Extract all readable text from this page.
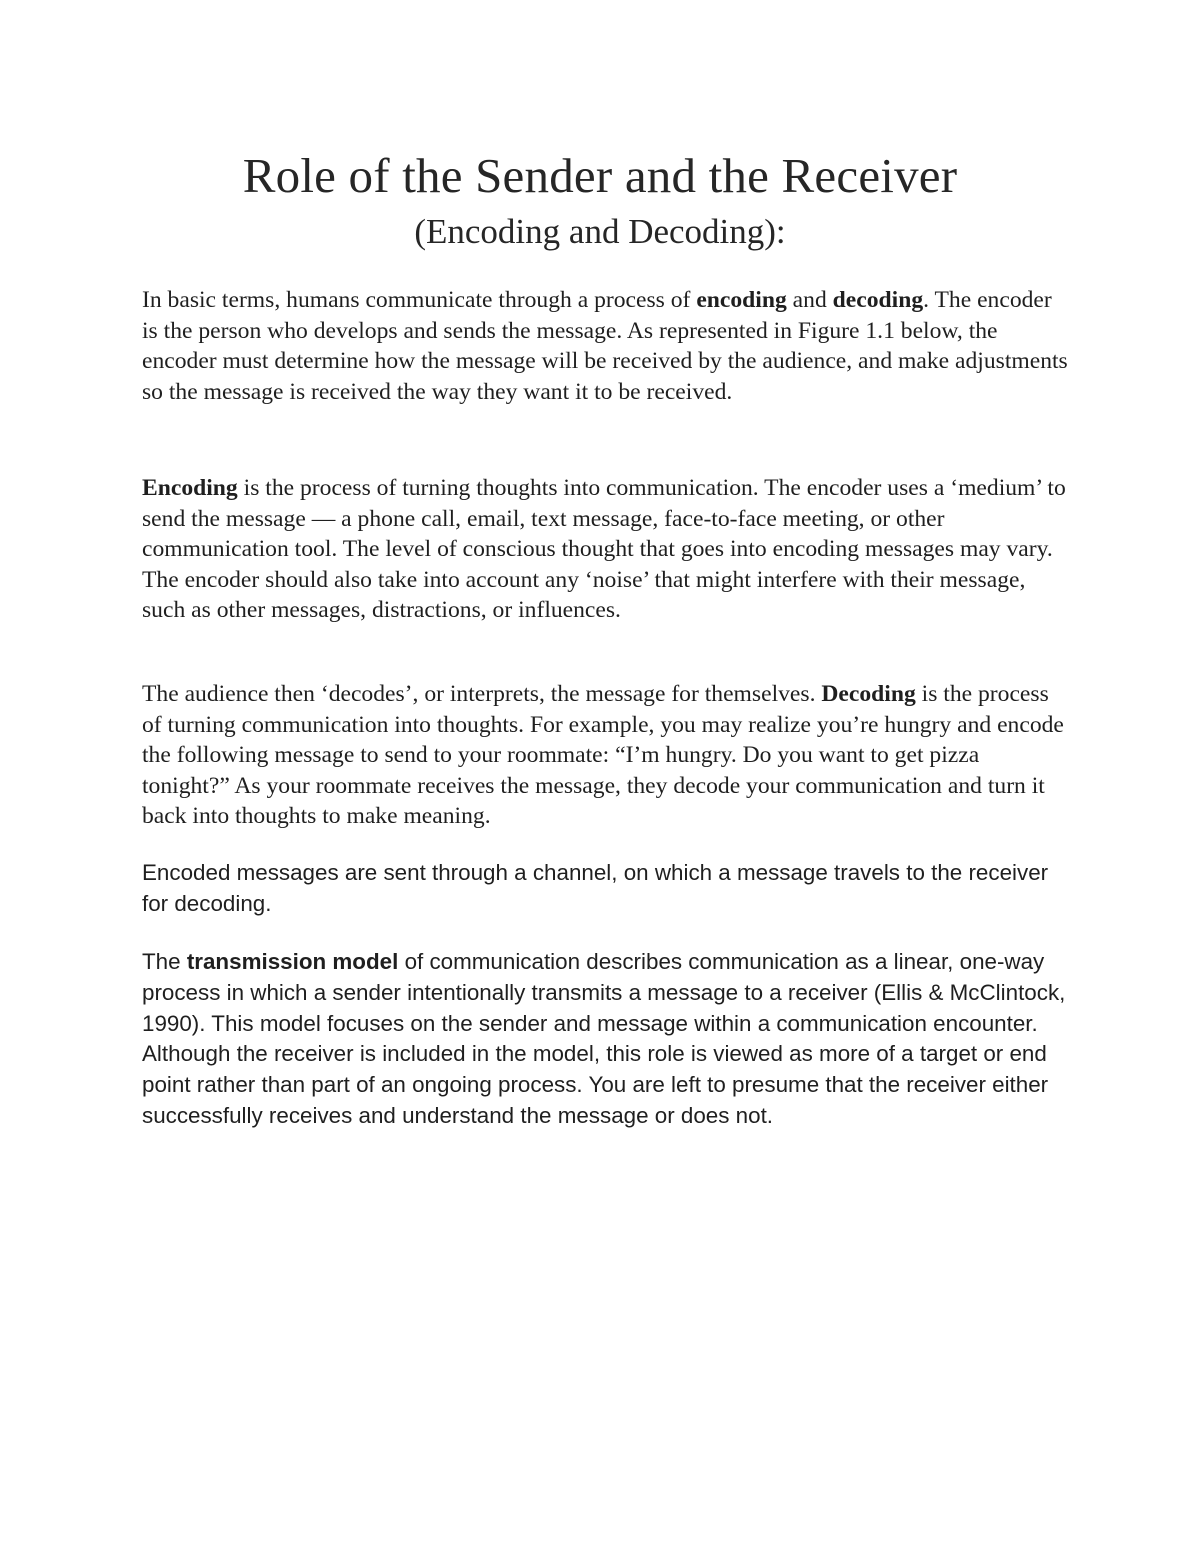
Role of the Sender and the Receiver
(Encoding and Decoding):

In basic terms, humans communicate through a process of encoding and decoding. The encoder is the person who develops and sends the message. As represented in Figure 1.1 below, the encoder must determine how the message will be received by the audience, and make adjustments so the message is received the way they want it to be received.

Encoding is the process of turning thoughts into communication. The encoder uses a ‘medium’ to send the message — a phone call, email, text message, face-to-face meeting, or other communication tool. The level of conscious thought that goes into encoding messages may vary. The encoder should also take into account any ‘noise’ that might interfere with their message, such as other messages, distractions, or influences.

The audience then ‘decodes’, or interprets, the message for themselves. Decoding is the process of turning communication into thoughts. For example, you may realize you’re hungry and encode the following message to send to your roommate: “I’m hungry. Do you want to get pizza tonight?” As your roommate receives the message, they decode your communication and turn it back into thoughts to make meaning.

Encoded messages are sent through a channel, on which a message travels to the receiver for decoding.

The transmission model of communication describes communication as a linear, one-way process in which a sender intentionally transmits a message to a receiver (Ellis & McClintock, 1990). This model focuses on the sender and message within a communication encounter. Although the receiver is included in the model, this role is viewed as more of a target or end point rather than part of an ongoing process. You are left to presume that the receiver either successfully receives and understand the message or does not.
